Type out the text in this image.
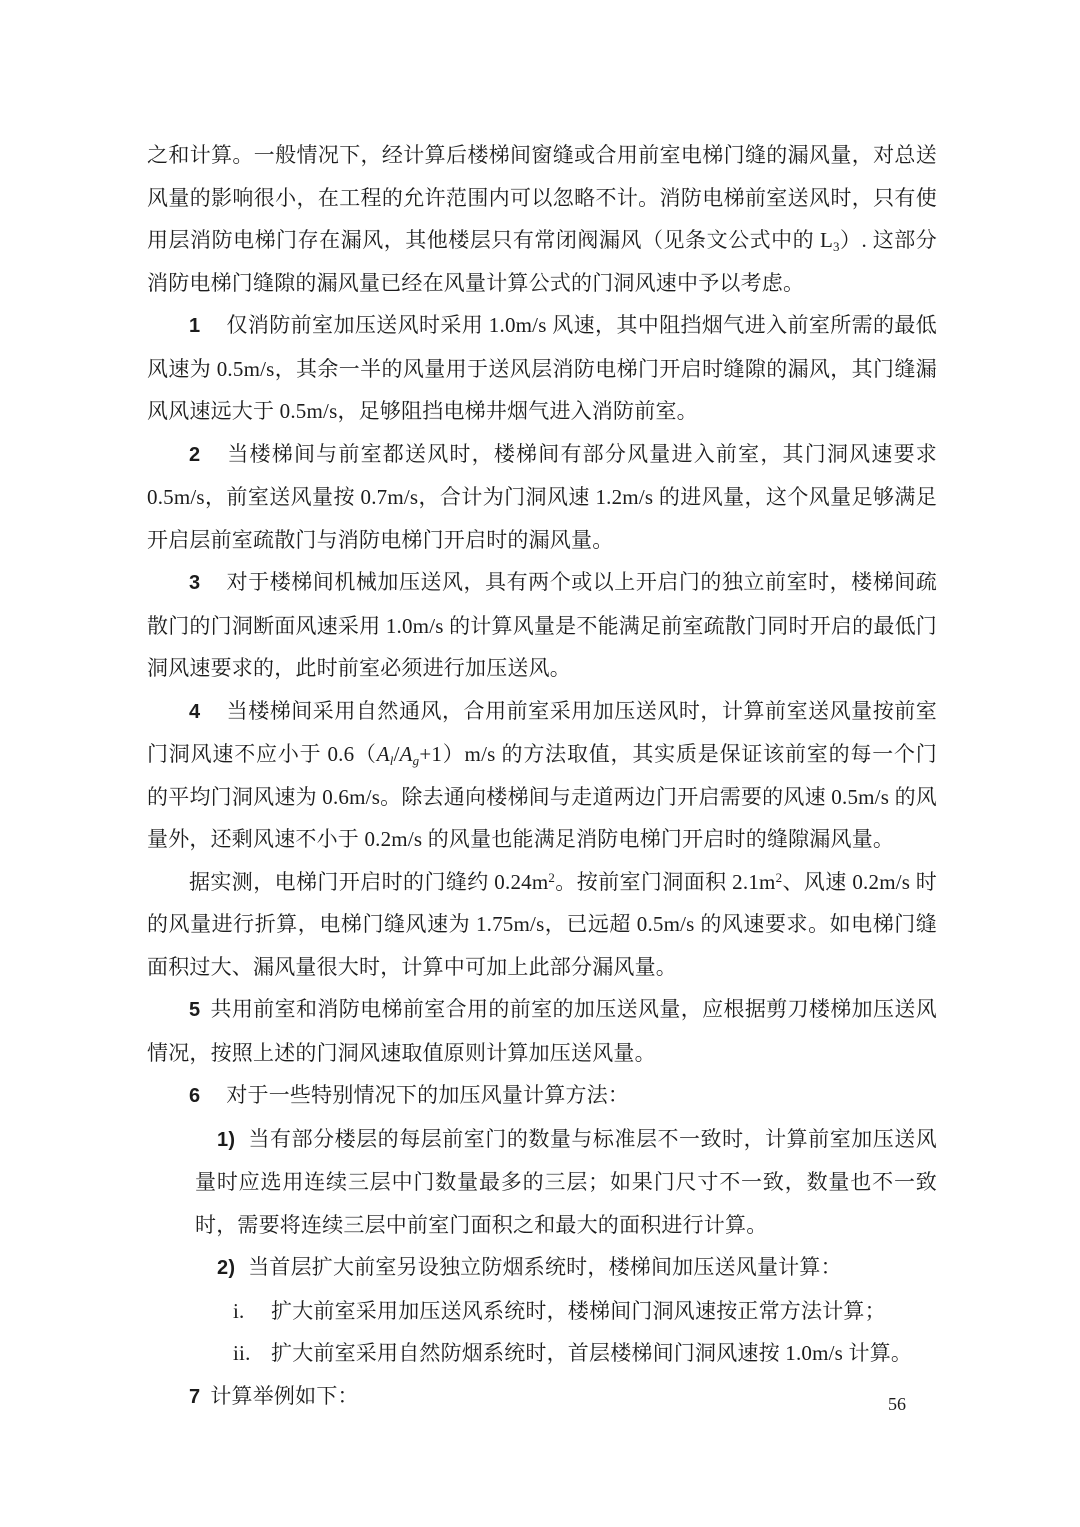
之和计算。一般情况下，经计算后楼梯间窗缝或合用前室电梯门缝的漏风量，对总送风量的影响很小，在工程的允许范围内可以忽略不计。消防电梯前室送风时，只有使用层消防电梯门存在漏风，其他楼层只有常闭阀漏风（见条文公式中的 $L_3$）. 这部分消防电梯门缝隙的漏风量已经在风量计算公式的门洞风速中予以考虑。

1 仅消防前室加压送风时采用 1.0m/s 风速，其中阻挡烟气进入前室所需的最低风速为 0.5m/s，其余一半的风量用于送风层消防电梯门开启时缝隙的漏风，其门缝漏风风速远大于 0.5m/s，足够阻挡电梯井烟气进入消防前室。

2 当楼梯间与前室都送风时，楼梯间有部分风量进入前室，其门洞风速要求 0.5m/s，前室送风量按 0.7m/s，合计为门洞风速 1.2m/s 的进风量，这个风量足够满足开启层前室疏散门与消防电梯门开启时的漏风量。

3 对于楼梯间机械加压送风，具有两个或以上开启门的独立前室时，楼梯间疏散门的门洞断面风速采用 1.0m/s 的计算风量是不能满足前室疏散门同时开启的最低门洞风速要求的，此时前室必须进行加压送风。

4 当楼梯间采用自然通风，合用前室采用加压送风时，计算前室送风量按前室门洞风速不应小于 $0.6(A_l/A_g+1)m/s$ 的方法取值，其实质是保证该前室的每一个门的平均门洞风速为 0.6m/s。除去通向楼梯间与走道两边门开启需要的风速 0.5m/s 的风量外，还剩风速不小于 0.2m/s 的风量也能满足消防电梯门开启时的缝隙漏风量。

据实测，电梯门开启时的门缝约 $0.24m^2$。按前室门洞面积 $2.1m^2$、风速 0.2m/s 时的风量进行折算，电梯门缝风速为 1.75m/s，已远超 0.5m/s 的风速要求。如电梯门缝面积过大、漏风量很大时，计算中可加上此部分漏风量。

5 共用前室和消防电梯前室合用的前室的加压送风量，应根据剪刀楼梯加压送风情况，按照上述的门洞风速取值原则计算加压送风量。

6 对于一些特别情况下的加压风量计算方法：

1) 当有部分楼层的每层前室门的数量与标准层不一致时，计算前室加压送风量时应选用连续三层中门数量最多的三层；如果门尺寸不一致，数量也不一致时，需要将连续三层中前室门面积之和最大的面积进行计算。

2) 当首层扩大前室另设独立防烟系统时，楼梯间加压送风量计算：

i. 扩大前室采用加压送风系统时，楼梯间门洞风速按正常方法计算；

ii. 扩大前室采用自然防烟系统时，首层楼梯间门洞风速按 1.0m/s 计算。

7 计算举例如下：	56
